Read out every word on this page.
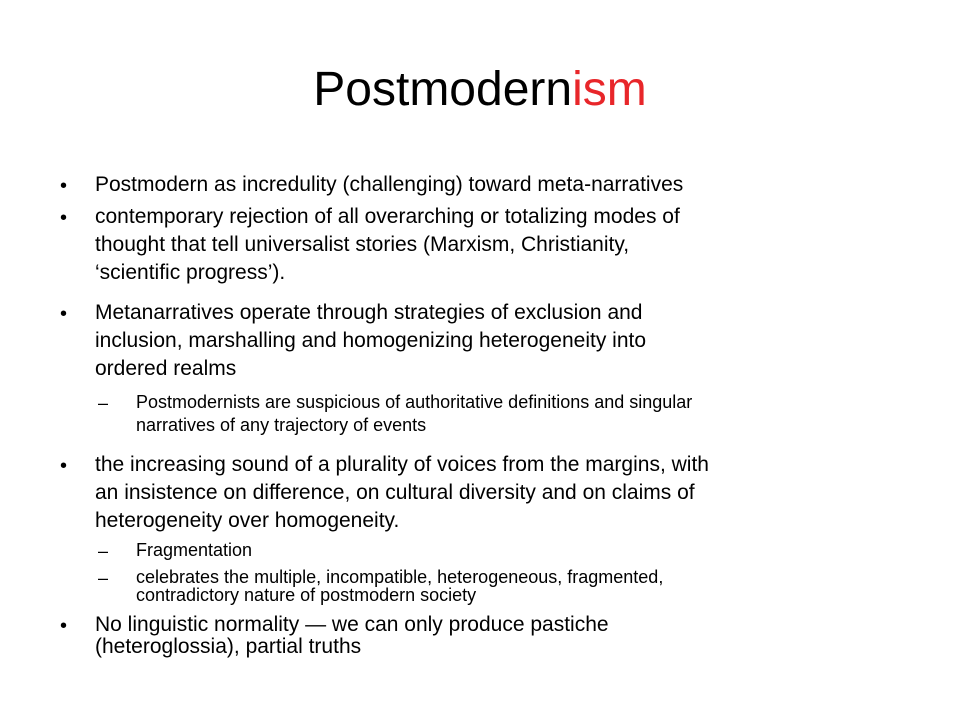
Postmodernism
• Postmodern as incredulity (challenging) toward meta-narratives
• contemporary rejection of all overarching or totalizing modes of
thought that tell universalist stories (Marxism, Christianity,
‘scientific progress’).
• Metanarratives operate through strategies of exclusion and
inclusion, marshalling and homogenizing heterogeneity into
ordered realms
– Postmodernists are suspicious of authoritative definitions and singular
narratives of any trajectory of events
• the increasing sound of a plurality of voices from the margins, with
an insistence on difference, on cultural diversity and on claims of
heterogeneity over homogeneity.
– Fragmentation
– celebrates the multiple, incompatible, heterogeneous, fragmented,
contradictory nature of postmodern society
• No linguistic normality — we can only produce pastiche
(heteroglossia), partial truths
